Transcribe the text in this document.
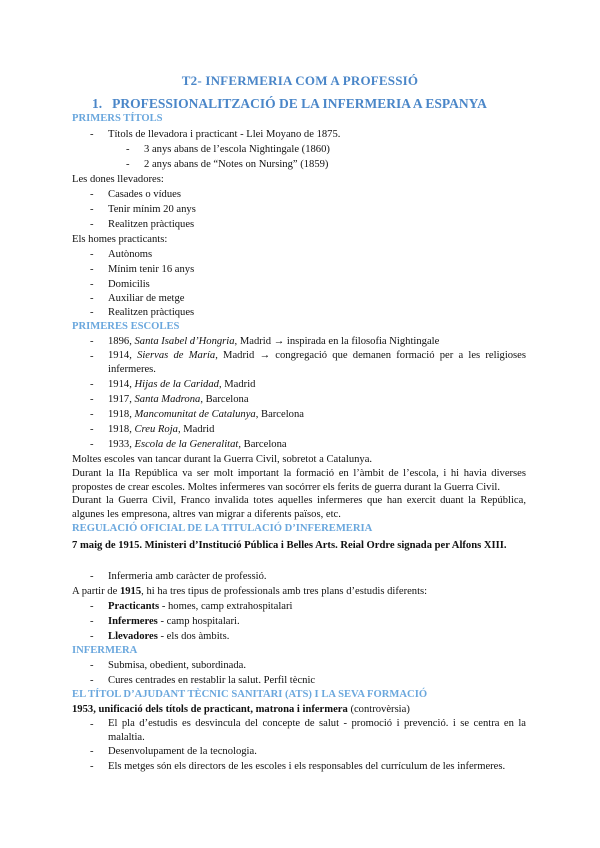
T2- INFERMERIA COM A PROFESSIÓ
1. PROFESSIONALITZACIÓ DE LA INFERMERIA A ESPANYA
PRIMERS TÍTOLS
- Títols de llevadora i practicant - Llei Moyano de 1875.
- 3 anys abans de l’escola Nightingale (1860)
- 2 anys abans de “Notes on Nursing” (1859)
Les dones llevadores:
- Casades o vídues
- Tenir mínim 20 anys
- Realitzen pràctiques
Els homes practicants:
- Autònoms
- Mínim tenir 16 anys
- Domicilis
- Auxiliar de metge
- Realitzen pràctiques
PRIMERES ESCOLES
- 1896, Santa Isabel d’Hongria, Madrid → inspirada en la filosofia Nightingale
- 1914, Siervas de María, Madrid → congregació que demanen formació per a les religioses infermeres.
- 1914, Hijas de la Caridad, Madrid
- 1917, Santa Madrona, Barcelona
- 1918, Mancomunitat de Catalunya, Barcelona
- 1918, Creu Roja, Madrid
- 1933, Escola de la Generalitat, Barcelona
Moltes escoles van tancar durant la Guerra Civil, sobretot a Catalunya.
Durant la IIa República va ser molt important la formació en l’àmbit de l’escola, i hi havia diverses propostes de crear escoles. Moltes infermeres van socórrer els ferits de guerra durant la Guerra Civil.
Durant la Guerra Civil, Franco invalida totes aquelles infermeres que han exercit duant la República, algunes les empresona, altres van migrar a diferents països, etc.
REGULACIÓ OFICIAL DE LA TITULACIÓ D’INFEREMERIA
7 maig de 1915. Ministeri d’Institució Pública i Belles Arts. Reial Ordre signada per Alfons XIII.
- Infermeria amb caràcter de professió.
A partir de 1915, hi ha tres tipus de professionals amb tres plans d’estudis diferents:
- Practicants - homes, camp extrahospitalari
- Infermeres - camp hospitalari.
- Llevadores - els dos àmbits.
INFERMERA
- Submisa, obedient, subordinada.
- Cures centrades en restablir la salut. Perfil tècnic
EL TÍTOL D’AJUDANT TÈCNIC SANITARI (ATS) I LA SEVA FORMACIÓ
1953, unificació dels títols de practicant, matrona i infermera (controvèrsia)
- El pla d’estudis es desvincula del concepte de salut - promoció i prevenció. i se centra en la malaltia.
- Desenvolupament de la tecnologia.
- Els metges són els directors de les escoles i els responsables del currículum de les infermeres.
